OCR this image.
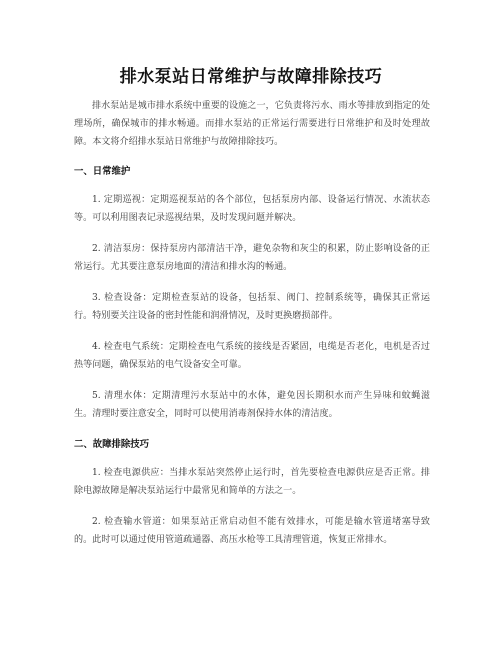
排水泵站日常维护与故障排除技巧

排水泵站是城市排水系统中重要的设施之一，它负责将污水、雨水等排放到指定的处理场所，确保城市的排水畅通。而排水泵站的正常运行需要进行日常维护和及时处理故障。本文将介绍排水泵站日常维护与故障排除技巧。

一、日常维护

1. 定期巡视：定期巡视泵站的各个部位，包括泵房内部、设备运行情况、水流状态等。可以利用图表记录巡视结果，及时发现问题并解决。

2. 清洁泵房：保持泵房内部清洁干净，避免杂物和灰尘的积累，防止影响设备的正常运行。尤其要注意泵房地面的清洁和排水沟的畅通。

3. 检查设备：定期检查泵站的设备，包括泵、阀门、控制系统等，确保其正常运行。特别要关注设备的密封性能和润滑情况，及时更换磨损部件。

4. 检查电气系统：定期检查电气系统的接线是否紧固，电缆是否老化，电机是否过热等问题，确保泵站的电气设备安全可靠。

5. 清理水体：定期清理污水泵站中的水体，避免因长期积水而产生异味和蚊蝇滋生。清理时要注意安全，同时可以使用消毒剂保持水体的清洁度。

二、故障排除技巧

1. 检查电源供应：当排水泵站突然停止运行时，首先要检查电源供应是否正常。排除电源故障是解决泵站运行中最常见和简单的方法之一。

2. 检查输水管道：如果泵站正常启动但不能有效排水，可能是输水管道堵塞导致的。此时可以通过使用管道疏通器、高压水枪等工具清理管道，恢复正常排水。
